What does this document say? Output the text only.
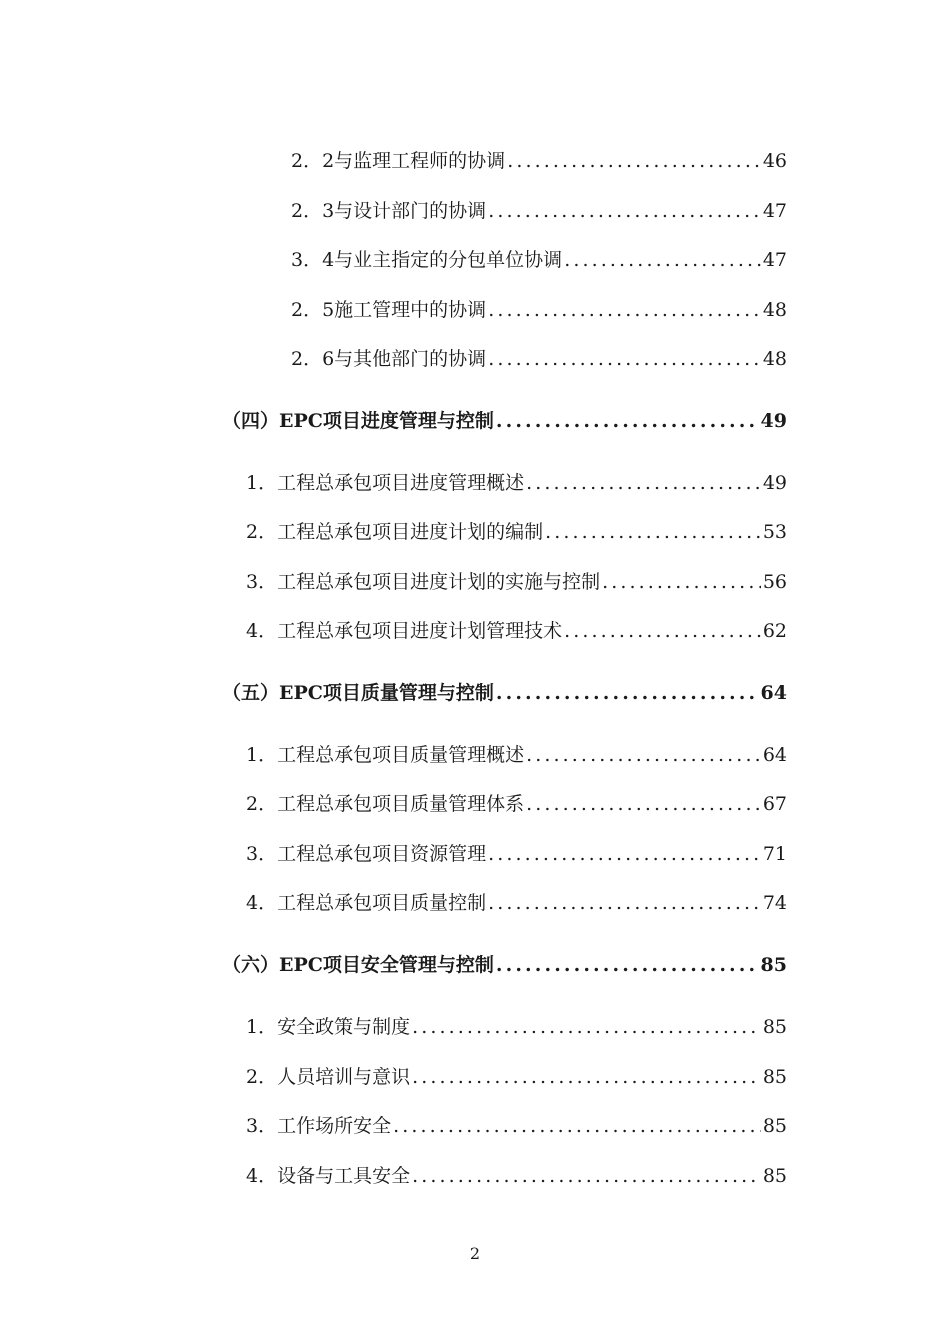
2．2与监理工程师的协调 .....	46
2．3与设计部门的协调 .....	47
3．4与业主指定的分包单位协调 .....	47
2．5施工管理中的协调 .....	48
2．6与其他部门的协调 .....	48
（四）EPC项目进度管理与控制 .....	49
1．工程总承包项目进度管理概述 .....	49
2．工程总承包项目进度计划的编制 .....	53
3．工程总承包项目进度计划的实施与控制 .....	56
4．工程总承包项目进度计划管理技术 .....	62
（五）EPC项目质量管理与控制 .....	64
1．工程总承包项目质量管理概述 .....	64
2．工程总承包项目质量管理体系 .....	67
3．工程总承包项目资源管理 .....	71
4．工程总承包项目质量控制 .....	74
（六）EPC项目安全管理与控制 .....	85
1．安全政策与制度 .....	85
2．人员培训与意识 .....	85
3．工作场所安全 .....	85
4．设备与工具安全 .....	85
2
